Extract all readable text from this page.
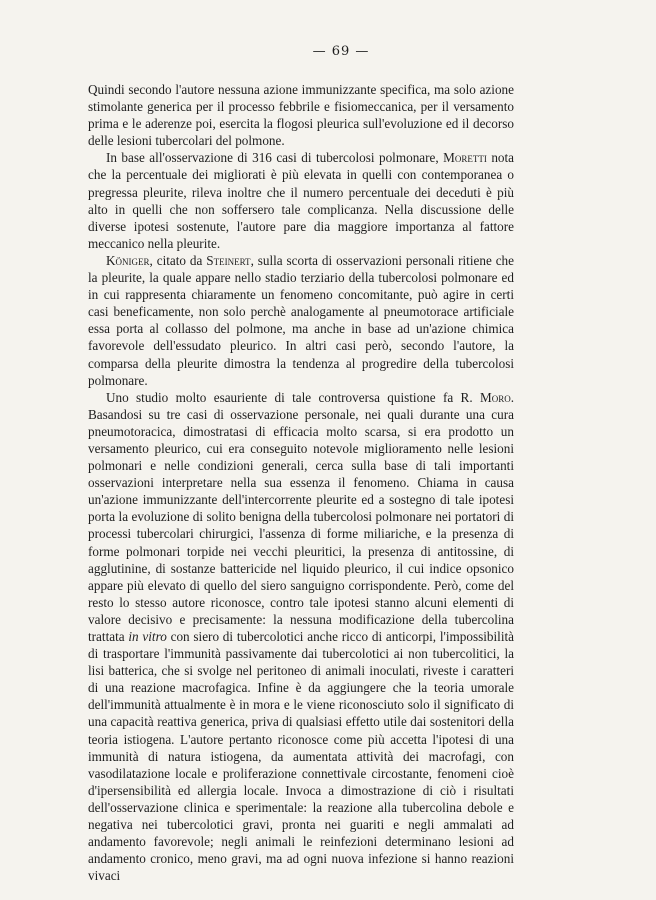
— 69 —

Quindi secondo l'autore nessuna azione immunizzante specifica, ma solo azione stimolante generica per il processo febbrile e fisiomeccanica, per il versamento prima e le aderenze poi, esercita la flogosi pleurica sull'evoluzione ed il decorso delle lesioni tubercolari del polmone.

In base all'osservazione di 316 casi di tubercolosi polmonare, Moretti nota che la percentuale dei migliorati è più elevata in quelli con contemporanea o pregressa pleurite, rileva inoltre che il numero percentuale dei deceduti è più alto in quelli che non soffersero tale complicanza. Nella discussione delle diverse ipotesi sostenute, l'autore pare dia maggiore importanza al fattore meccanico nella pleurite.

Königer, citato da Steinert, sulla scorta di osservazioni personali ritiene che la pleurite, la quale appare nello stadio terziario della tubercolosi polmonare ed in cui rappresenta chiaramente un fenomeno concomitante, può agire in certi casi beneficamente, non solo perchè analogamente al pneumotorace artificiale essa porta al collasso del polmone, ma anche in base ad un'azione chimica favorevole dell'essudato pleurico. In altri casi però, secondo l'autore, la comparsa della pleurite dimostra la tendenza al progredire della tubercolosi polmonare.

Uno studio molto esauriente di tale controversa quistione fa R. Moro. Basandosi su tre casi di osservazione personale, nei quali durante una cura pneumotoracica, dimostratasi di efficacia molto scarsa, si era prodotto un versamento pleurico, cui era conseguito notevole miglioramento nelle lesioni polmonari e nelle condizioni generali, cerca sulla base di tali importanti osservazioni interpretare nella sua essenza il fenomeno. Chiama in causa un'azione immunizzante dell'intercorrente pleurite ed a sostegno di tale ipotesi porta la evoluzione di solito benigna della tubercolosi polmonare nei portatori di processi tubercolari chirurgici, l'assenza di forme miliariche, e la presenza di forme polmonari torpide nei vecchi pleuritici, la presenza di antitossine, di agglutinine, di sostanze battericide nel liquido pleurico, il cui indice opsonico appare più elevato di quello del siero sanguigno corrispondente. Però, come del resto lo stesso autore riconosce, contro tale ipotesi stanno alcuni elementi di valore decisivo e precisamente: la nessuna modificazione della tubercolina trattata in vitro con siero di tubercolotici anche ricco di anticorpi, l'impossibilità di trasportare l'immunità passivamente dai tubercolotici ai non tubercolitici, la lisi batterica, che si svolge nel peritoneo di animali inoculati, riveste i caratteri di una reazione macrofagica. Infine è da aggiungere che la teoria umorale dell'immunità attualmente è in mora e le viene riconosciuto solo il significato di una capacità reattiva generica, priva di qualsiasi effetto utile dai sostenitori della teoria istiogena. L'autore pertanto riconosce come più accetta l'ipotesi di una immunità di natura istiogena, da aumentata attività dei macrofagi, con vasodilatazione locale e proliferazione connettivale circostante, fenomeni cioè d'ipersensibilità ed allergia locale. Invoca a dimostrazione di ciò i risultati dell'osservazione clinica e sperimentale: la reazione alla tubercolina debole e negativa nei tubercolotici gravi, pronta nei guariti e negli ammalati ad andamento favorevole; negli animali le reinfezioni determinano lesioni ad andamento cronico, meno gravi, ma ad ogni nuova infezione si hanno reazioni vivaci
